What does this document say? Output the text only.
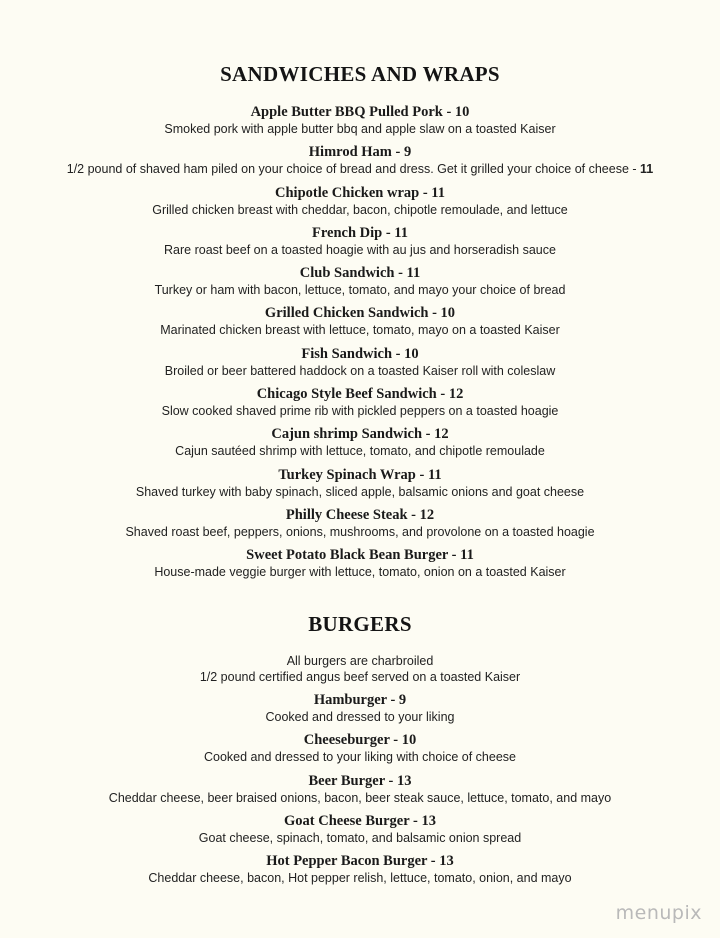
SANDWICHES AND WRAPS
Apple Butter BBQ Pulled Pork - 10
Smoked pork with apple butter bbq and apple slaw on a toasted Kaiser
Himrod Ham - 9
1/2 pound of shaved ham piled on your choice of bread and dress. Get it grilled your choice of cheese - 11
Chipotle Chicken wrap - 11
Grilled chicken breast with cheddar, bacon, chipotle remoulade, and lettuce
French Dip - 11
Rare roast beef on a toasted hoagie with au jus and horseradish sauce
Club Sandwich - 11
Turkey or ham with bacon, lettuce, tomato, and mayo your choice of bread
Grilled Chicken Sandwich - 10
Marinated chicken breast with lettuce, tomato, mayo on a toasted Kaiser
Fish Sandwich - 10
Broiled or beer battered haddock on a toasted Kaiser roll with coleslaw
Chicago Style Beef Sandwich - 12
Slow cooked shaved prime rib with pickled peppers on a toasted hoagie
Cajun shrimp Sandwich - 12
Cajun sautéed shrimp with lettuce, tomato, and chipotle remoulade
Turkey Spinach Wrap - 11
Shaved turkey with baby spinach, sliced apple, balsamic onions and goat cheese
Philly Cheese Steak - 12
Shaved roast beef, peppers, onions, mushrooms, and provolone on a toasted hoagie
Sweet Potato Black Bean Burger - 11
House-made veggie burger with lettuce, tomato, onion on a toasted Kaiser
BURGERS
All burgers are charbroiled
1/2 pound certified angus beef served on a toasted Kaiser
Hamburger - 9
Cooked and dressed to your liking
Cheeseburger - 10
Cooked and dressed to your liking with choice of cheese
Beer Burger - 13
Cheddar cheese, beer braised onions, bacon, beer steak sauce, lettuce, tomato, and mayo
Goat Cheese Burger - 13
Goat cheese, spinach, tomato, and balsamic onion spread
Hot Pepper Bacon Burger - 13
Cheddar cheese, bacon, Hot pepper relish, lettuce, tomato, onion, and mayo
menupix
